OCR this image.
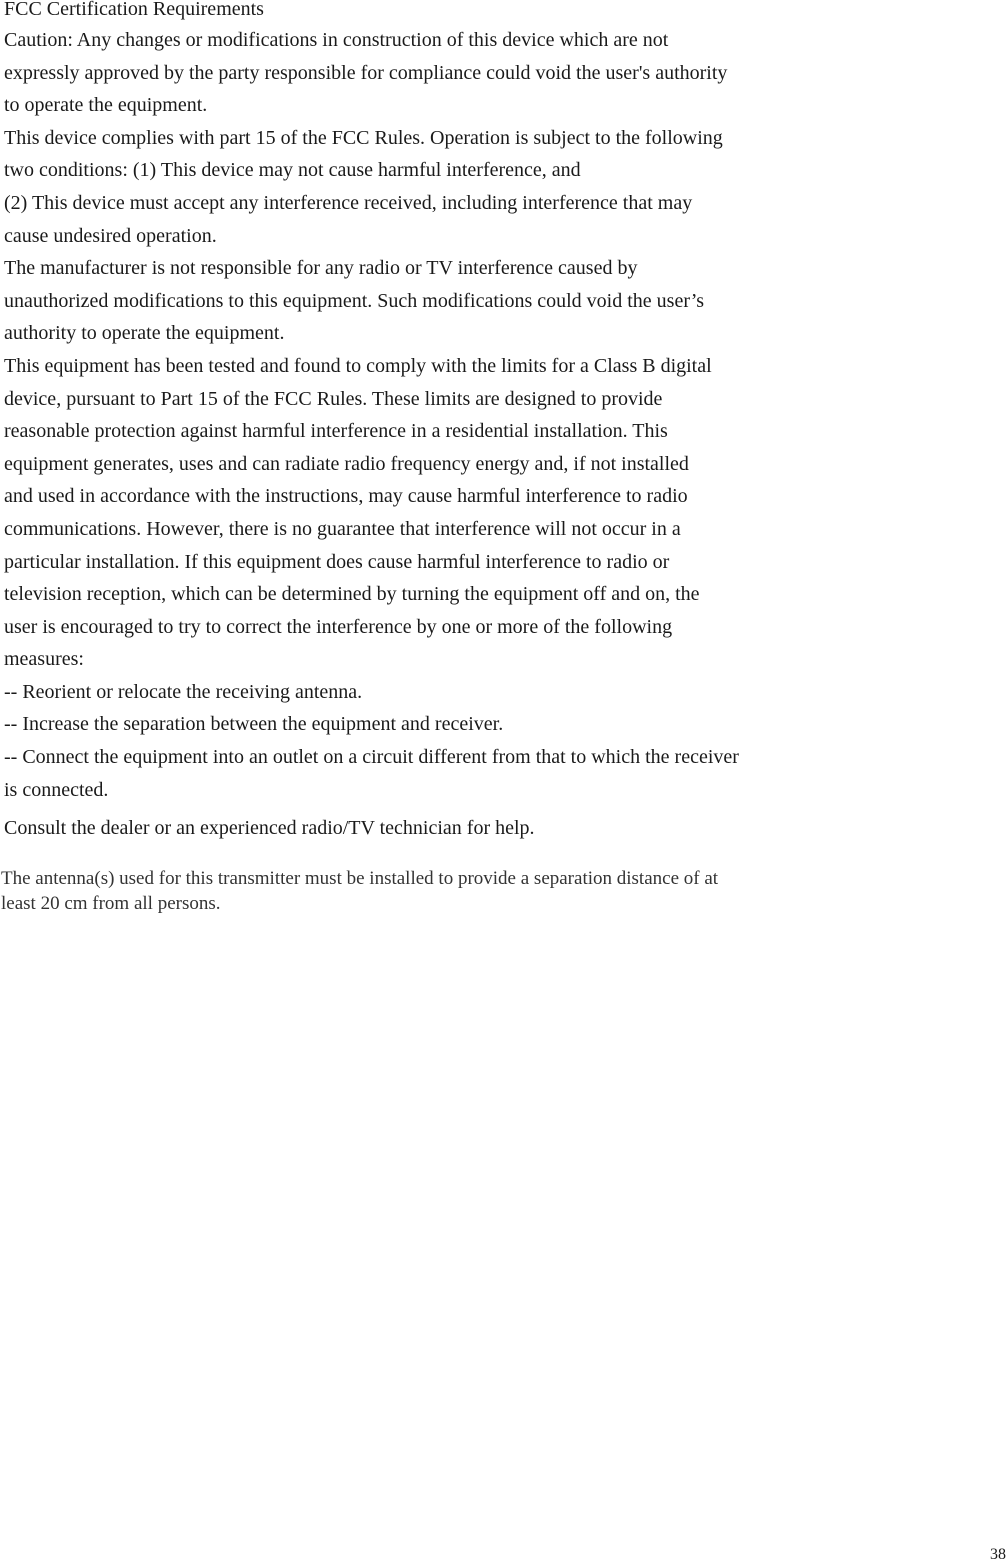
FCC Certification Requirements
Caution: Any changes or modifications in construction of this device which are not
expressly approved by the party responsible for compliance could void the user's authority
to operate the equipment.
This device complies with part 15 of the FCC Rules. Operation is subject to the following
two conditions: (1) This device may not cause harmful interference, and
(2) This device must accept any interference received, including interference that may
cause undesired operation.
The manufacturer is not responsible for any radio or TV interference caused by
unauthorized modifications to this equipment. Such modifications could void the user’s
authority to operate the equipment.
This equipment has been tested and found to comply with the limits for a Class B digital
device, pursuant to Part 15 of the FCC Rules. These limits are designed to provide
reasonable protection against harmful interference in a residential installation. This
equipment generates, uses and can radiate radio frequency energy and, if not installed
and used in accordance with the instructions, may cause harmful interference to radio
communications. However, there is no guarantee that interference will not occur in a
particular installation. If this equipment does cause harmful interference to radio or
television reception, which can be determined by turning the equipment off and on, the
user is encouraged to try to correct the interference by one or more of the following
measures:
-- Reorient or relocate the receiving antenna.
-- Increase the separation between the equipment and receiver.
-- Connect the equipment into an outlet on a circuit different from that to which the receiver
is connected.
Consult the dealer or an experienced radio/TV technician for help.
The antenna(s) used for this transmitter must be installed to provide a separation distance of at
least 20 cm from all persons.
38
